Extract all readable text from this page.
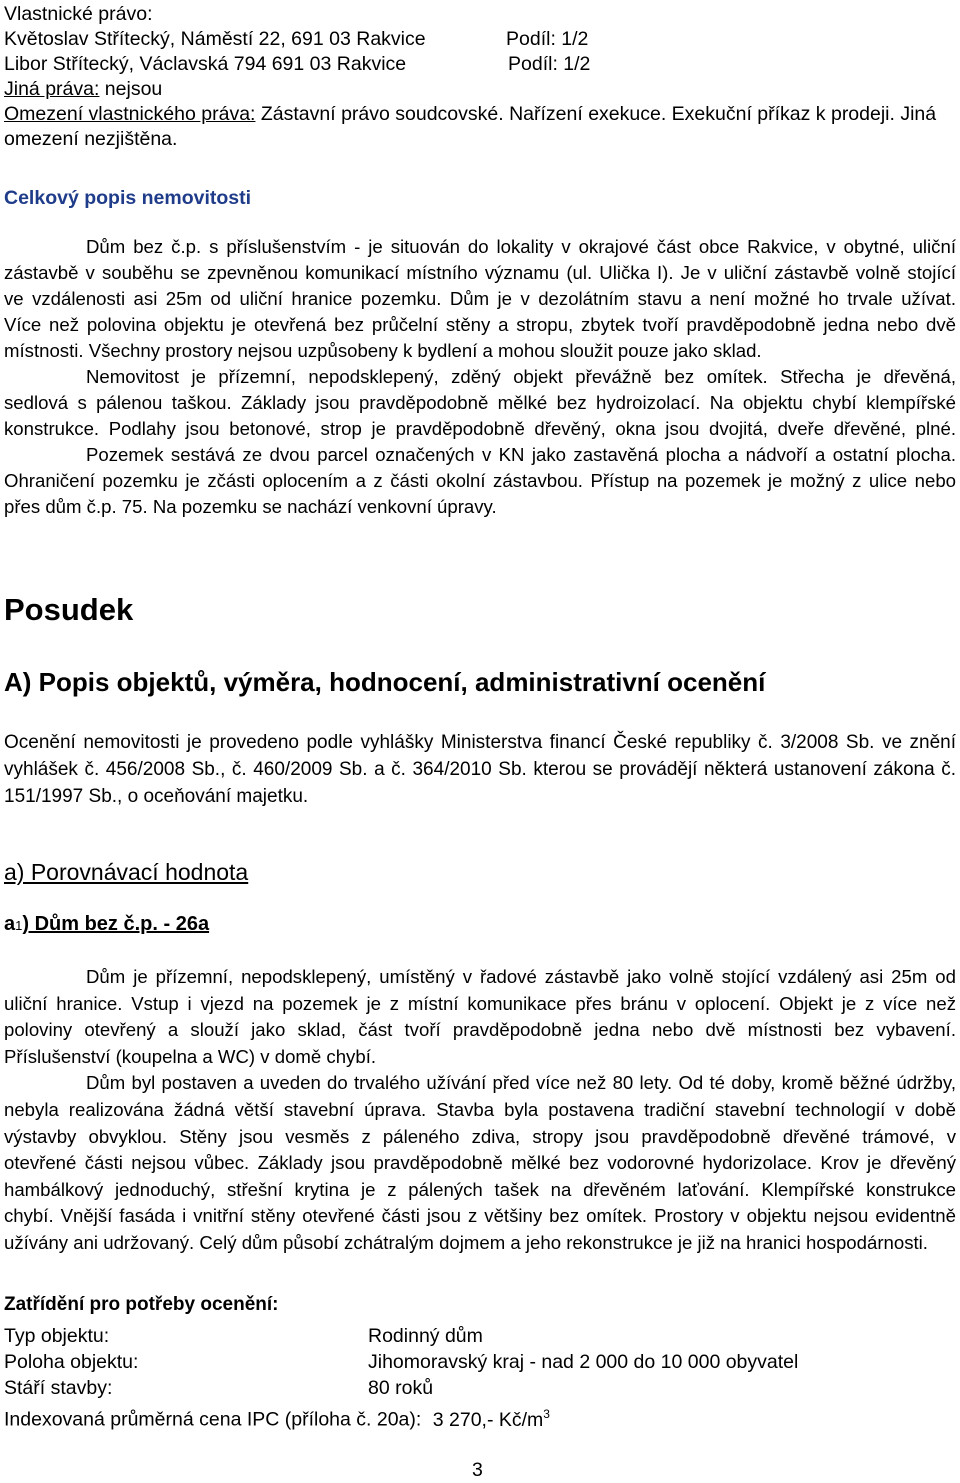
Vlastnické právo:
Květoslav Střítecký, Náměstí 22, 691 03 Rakvice	Podíl: 1/2
Libor Střítecký, Václavská 794 691 03 Rakvice	Podíl: 1/2
Jiná práva: nejsou
Omezení vlastnického práva: Zástavní právo soudcovské. Nařízení exekuce. Exekuční příkaz k prodeji. Jiná
omezení nezjištěna.
Celkový popis nemovitosti
Dům bez č.p. s příslušenstvím - je situován do lokality v okrajové část obce Rakvice, v obytné, uliční
zástavbě v souběhu se zpevněnou komunikací místního významu (ul. Ulička I). Je v uliční zástavbě volně stojící
ve vzdálenosti asi 25m od uliční hranice pozemku. Dům je v dezolátním stavu a není možné ho trvale užívat.
Více než polovina objektu je otevřená bez průčelní stěny a stropu, zbytek tvoří pravděpodobně jedna nebo dvě
místnosti. Všechny prostory nejsou uzpůsobeny k bydlení a mohou sloužit pouze jako sklad.
Nemovitost je přízemní, nepodsklepený, zděný objekt převážně bez omítek. Střecha je dřevěná,
sedlová s pálenou taškou. Základy jsou pravděpodobně mělké bez hydroizolací. Na objektu chybí klempířské
konstrukce. Podlahy jsou betonové, strop je pravděpodobně dřevěný, okna jsou dvojitá, dveře dřevěné, plné.
Pozemek sestává ze dvou parcel označených v KN jako zastavěná plocha a nádvoří a ostatní plocha.
Ohraničení pozemku je zčásti oplocením a z části okolní zástavbou. Přístup na pozemek je možný z ulice nebo
přes dům č.p. 75. Na pozemku se nachází venkovní úpravy.
Posudek
A) Popis objektů, výměra, hodnocení, administrativní ocenění
Ocenění nemovitosti je provedeno podle vyhlášky Ministerstva financí České republiky č. 3/2008 Sb. ve znění
vyhlášek č. 456/2008 Sb., č. 460/2009 Sb. a č. 364/2010 Sb. kterou se provádějí některá ustanovení zákona č.
151/1997 Sb., o oceňování majetku.
a) Porovnávací hodnota
a1) Dům bez č.p. - 26a
Dům je přízemní, nepodsklepený, umístěný v řadové zástavbě jako volně stojící vzdálený asi 25m od
uliční hranice. Vstup i vjezd na pozemek je z místní komunikace přes bránu v oplocení. Objekt je z více než
poloviny otevřený a slouží jako sklad, část tvoří pravděpodobně jedna nebo dvě místnosti bez vybavení.
Příslušenství (koupelna a WC) v domě chybí.
Dům byl postaven a uveden do trvalého užívání před více než 80 lety. Od té doby, kromě běžné údržby,
nebyla realizována žádná větší stavební úprava. Stavba byla postavena tradiční stavební technologií v době
výstavby obvyklou. Stěny jsou vesměs z páleného zdiva, stropy jsou pravděpodobně dřevěné trámové, v
otevřené části nejsou vůbec. Základy jsou pravděpodobně mělké bez vodorovné hydorizolace. Krov je dřevěný
hambálkový jednoduchý, střešní krytina je z pálených tašek na dřevěném laťování. Klempířské konstrukce
chybí. Vnější fasáda i vnitřní stěny otevřené části jsou z většiny bez omítek. Prostory v objektu nejsou evidentně
užívány ani udržovaný. Celý dům působí zchátralým dojmem a jeho rekonstrukce je již na hranici hospodárnosti.
Zatřídění pro potřeby ocenění:
Typ objektu:	Rodinný dům
Poloha objektu:	Jihomoravský kraj - nad 2 000 do 10 000 obyvatel
Stáří stavby:	80 roků
Indexovaná průměrná cena IPC (příloha č. 20a): 3 270,- $Kč/m^3$
3
